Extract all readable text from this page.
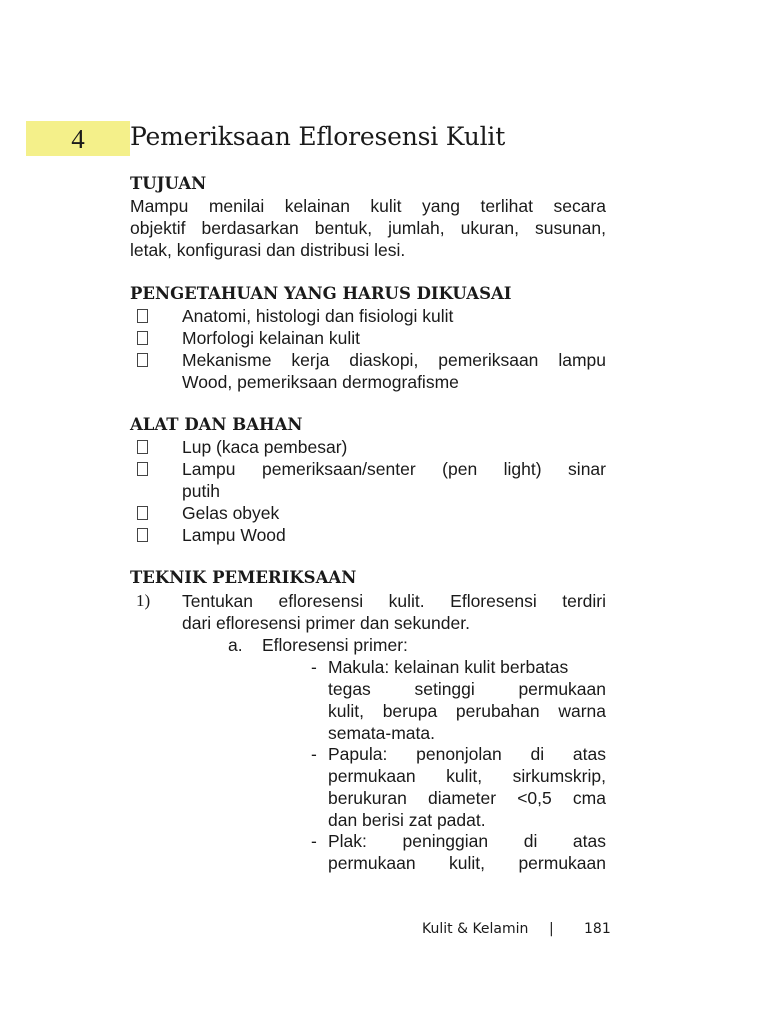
4	Pemeriksaan Efloresensi Kulit
TUJUAN

Mampu menilai kelainan kulit yang terlihat secara

objektif berdasarkan bentuk, jumlah, ukuran, susunan,

letak, konfigurasi dan distribusi lesi.

PENGETAHUAN YANG HARUS DIKUASAI

Anatomi, histologi dan fisiologi kulit

Morfologi kelainan kulit

Mekanisme kerja diaskopi, pemeriksaan lampu

Wood, pemeriksaan dermografisme

ALAT DAN BAHAN

Lup (kaca pembesar)

Lampu pemeriksaan/senter (pen light) sinar

putih

Gelas obyek

Lampu Wood

TEKNIK PEMERIKSAAN
1) Tentukan efloresensi kulit. Efloresensi terdiri

dari efloresensi primer dan sekunder.

a. Efloresensi primer:

- Makula: kelainan kulit berbatas

tegas setinggi permukaan

kulit, berupa perubahan warna

semata-mata.

- Papula: penonjolan di atas

permukaan kulit, sirkumskrip,

berukuran diameter <0,5 cma

dan berisi zat padat.

- Plak: peninggian di atas

permukaan kulit, permukaan

Kulit & Kelamin | 181
